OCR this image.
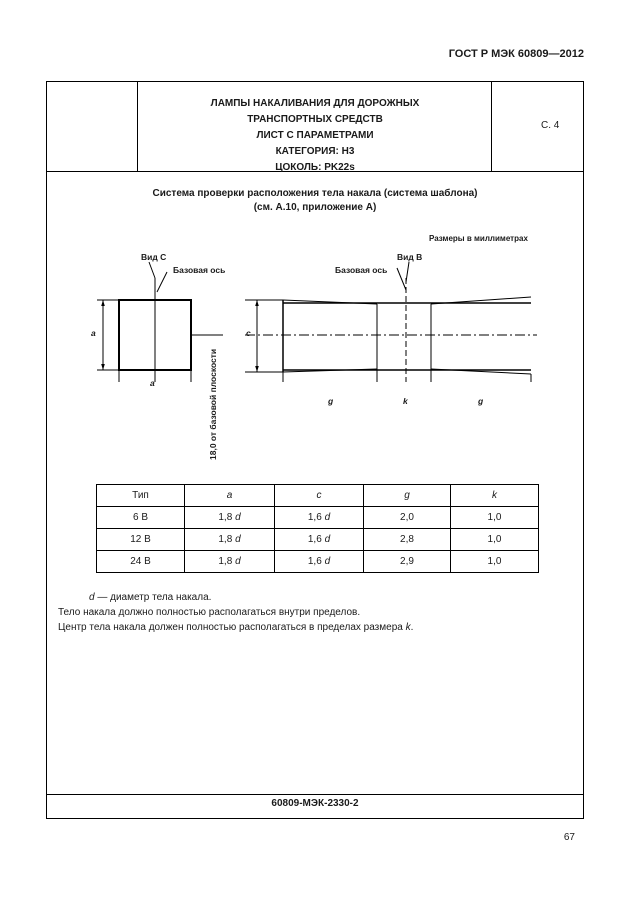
ГОСТ Р МЭК 60809—2012
ЛАМПЫ НАКАЛИВАНИЯ ДЛЯ ДОРОЖНЫХ
ТРАНСПОРТНЫХ СРЕДСТВ
ЛИСТ С ПАРАМЕТРАМИ
КАТЕГОРИЯ: Н3
ЦОКОЛЬ: PK22s
С. 4
Система проверки расположения тела накала (система шаблона)
(см. А.10, приложение А)
Размеры в миллиметрах
Вид С
Базовая ось
Вид В
Базовая ось
a
a
c
g	k	g
18,0 от базовой плоскости
Тип	a	c	g	k
6 В	1,8 d	1,6 d	2,0	1,0
12 В	1,8 d	1,6 d	2,8	1,0
24 В	1,8 d	1,6 d	2,9	1,0
d — диаметр тела накала.
Тело накала должно полностью располагаться внутри пределов.
Центр тела накала должен полностью располагаться в пределах размера k.
60809-МЭК-2330-2
67
